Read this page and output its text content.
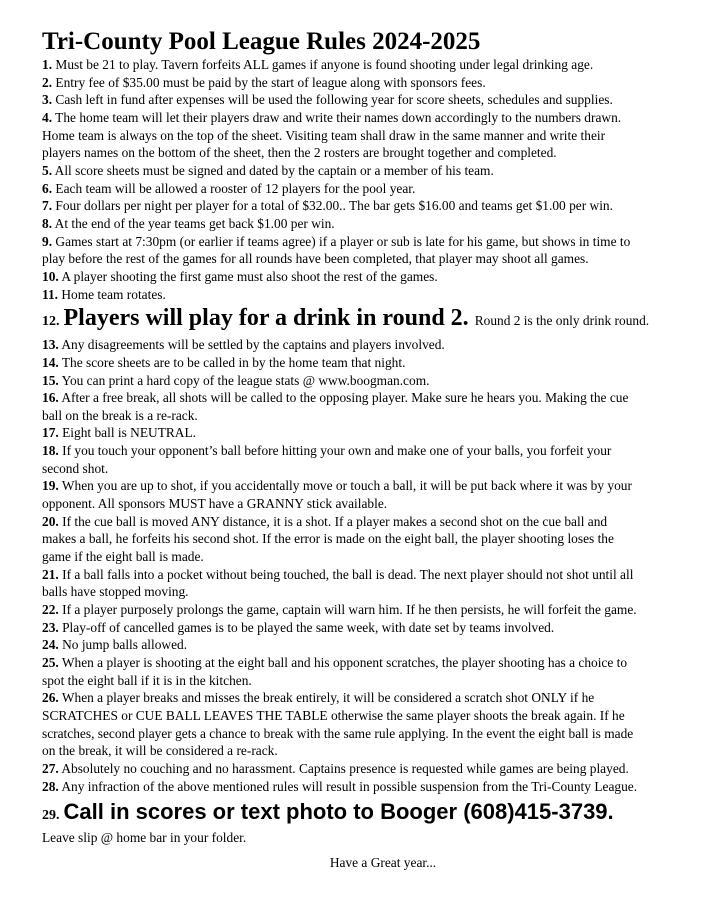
Tri-County Pool League Rules 2024-2025
1. Must be 21 to play. Tavern forfeits ALL games if anyone is found shooting under legal drinking age.
2. Entry fee of $35.00 must be paid by the start of league along with sponsors fees.
3. Cash left in fund after expenses will be used the following year for score sheets, schedules and supplies.
4. The home team will let their players draw and write their names down accordingly to the numbers drawn.
Home team is always on the top of the sheet. Visiting team shall draw in the same manner and write their
players names on the bottom of the sheet, then the 2 rosters are brought together and completed.
5. All score sheets must be signed and dated by the captain or a member of his team.
6. Each team will be allowed a rooster of 12 players for the pool year.
7. Four dollars per night per player for a total of $32.00.. The bar gets $16.00 and teams get $1.00 per win.
8. At the end of the year teams get back $1.00 per win.
9. Games start at 7:30pm (or earlier if teams agree) if a player or sub is late for his game, but shows in time to
play before the rest of the games for all rounds have been completed, that player may shoot all games.
10. A player shooting the first game must also shoot the rest of the games.
11. Home team rotates.
12. Players will play for a drink in round 2. Round 2 is the only drink round.
13. Any disagreements will be settled by the captains and players involved.
14. The score sheets are to be called in by the home team that night.
15. You can print a hard copy of the league stats @ www.boogman.com.
16. After a free break, all shots will be called to the opposing player. Make sure he hears you. Making the cue
ball on the break is a re-rack.
17. Eight ball is NEUTRAL.
18. If you touch your opponent’s ball before hitting your own and make one of your balls, you forfeit your
second shot.
19. When you are up to shot, if you accidentally move or touch a ball, it will be put back where it was by your
opponent. All sponsors MUST have a GRANNY stick available.
20. If the cue ball is moved ANY distance, it is a shot. If a player makes a second shot on the cue ball and
makes a ball, he forfeits his second shot. If the error is made on the eight ball, the player shooting loses the
game if the eight ball is made.
21. If a ball falls into a pocket without being touched, the ball is dead. The next player should not shot until all
balls have stopped moving.
22. If a player purposely prolongs the game, captain will warn him. If he then persists, he will forfeit the game.
23. Play-off of cancelled games is to be played the same week, with date set by teams involved.
24. No jump balls allowed.
25. When a player is shooting at the eight ball and his opponent scratches, the player shooting has a choice to
spot the eight ball if it is in the kitchen.
26. When a player breaks and misses the break entirely, it will be considered a scratch shot ONLY if he
SCRATCHES or CUE BALL LEAVES THE TABLE otherwise the same player shoots the break again. If he
scratches, second player gets a chance to break with the same rule applying. In the event the eight ball is made
on the break, it will be considered a re-rack.
27. Absolutely no couching and no harassment. Captains presence is requested while games are being played.
28. Any infraction of the above mentioned rules will result in possible suspension from the Tri-County League.
29. Call in scores or text photo to Booger (608)415-3739.
Leave slip @ home bar in your folder.
Have a Great year...
